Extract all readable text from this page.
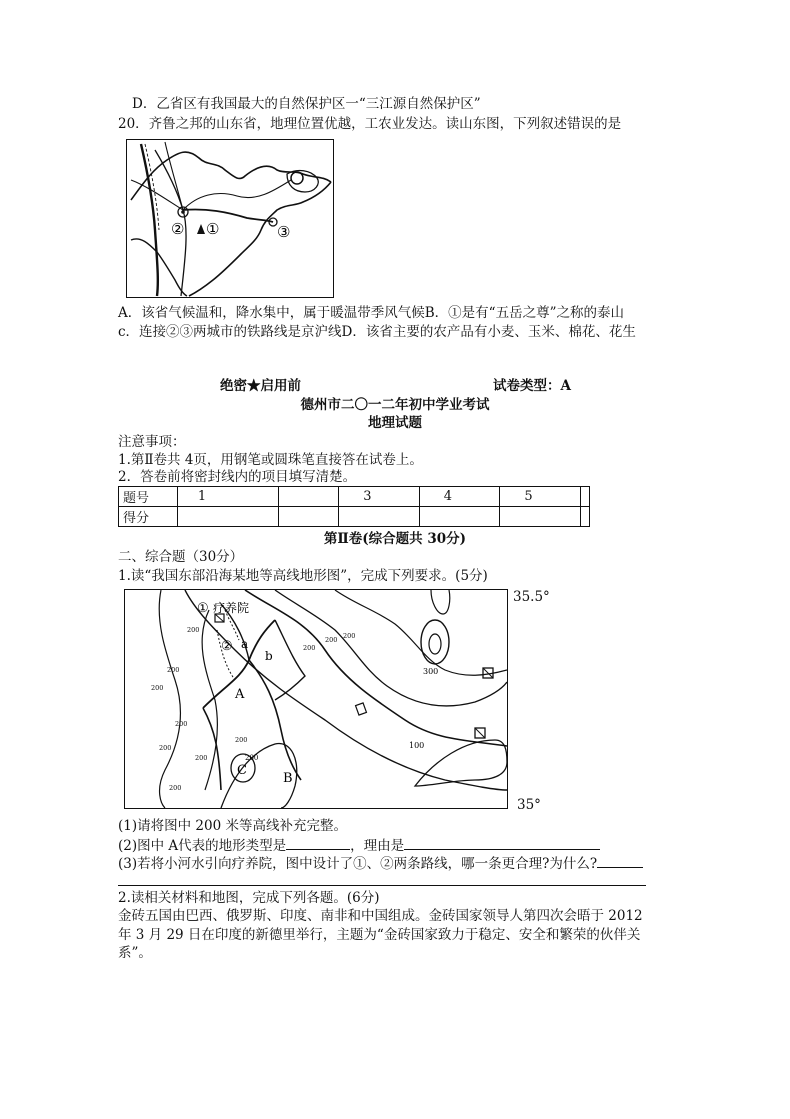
D．乙省区有我国最大的自然保护区一“三江源自然保护区”
20．齐鲁之邦的山东省，地理位置优越，工农业发达。读山东图，下列叙述错误的是
② ①	③
A．该省气候温和，降水集中，属于暖温带季风气候B．①是有“五岳之尊”之称的泰山
c．连接②③两城市的铁路线是京沪线D．该省主要的农产品有小麦、玉米、棉花、花生
绝密★启用前	试卷类型：A
德州市二〇一二年初中学业考试
地理试题
注意事项：
1.第Ⅱ卷共 4页，用钢笔或圆珠笔直接答在试卷上。
2．答卷前将密封线内的项目填写清楚。
题号	1		3	4	5	
得分						
第Ⅱ卷(综合题共 30分)
二、综合题（30分）
1.读“我国东部沿海某地等高线地形图”，完成下列要求。(5分)
200
200
200
200
200
200
200
200 200
200
200
① 疗养院
② a
b
A
B
C
300
100
200
35.5°
35°
(1)请将图中 200 米等高线补充完整。
(2)图中 A代表的地形类型是	，理由是
(3)若将小河水引向疗养院，图中设计了①、②两条路线，哪一条更合理?为什么?
2.读相关材料和地图，完成下列各题。(6分)
金砖五国由巴西、俄罗斯、印度、南非和中国组成。金砖国家领导人第四次会晤于 2012
年 3 月 29 日在印度的新德里举行，主题为“金砖国家致力于稳定、安全和繁荣的伙伴关
系”。
